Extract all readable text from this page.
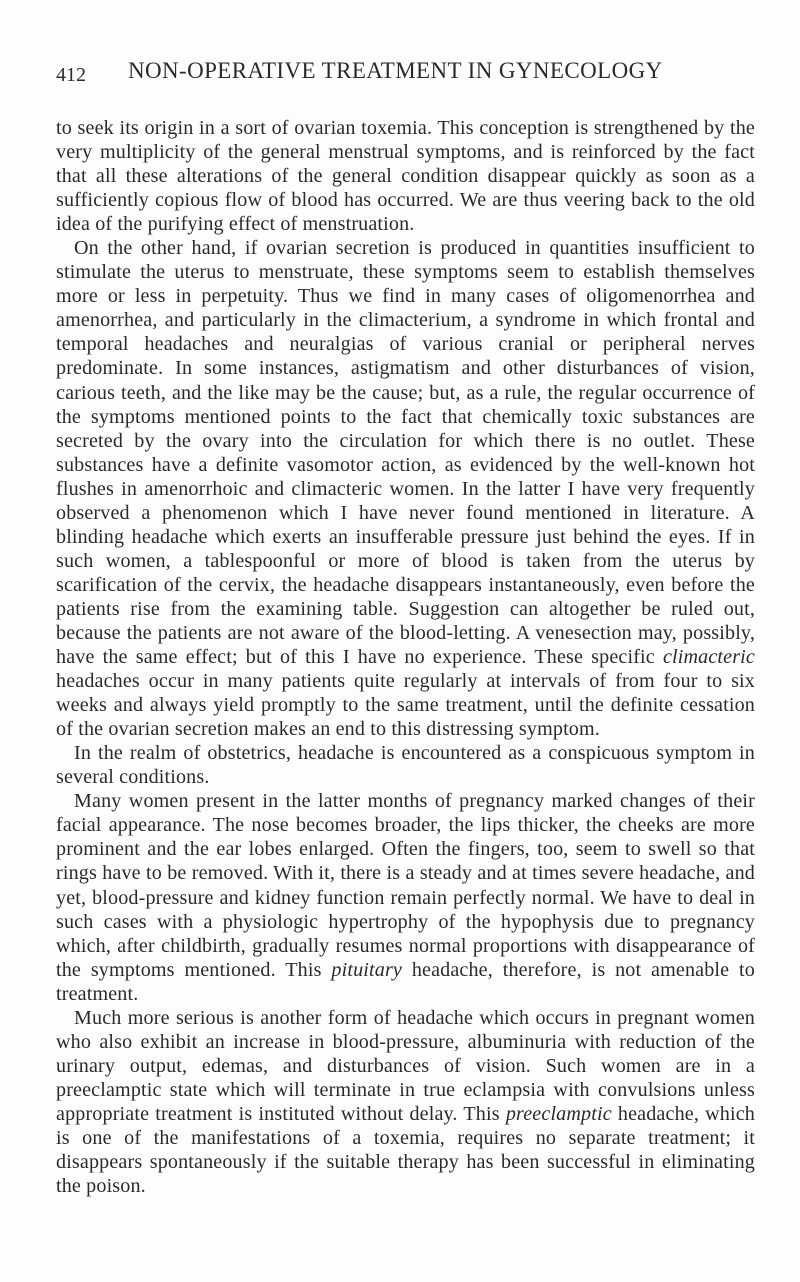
412 NON-OPERATIVE TREATMENT IN GYNECOLOGY

to seek its origin in a sort of ovarian toxemia. This conception is strengthened by the very multiplicity of the general menstrual symptoms, and is reinforced by the fact that all these alterations of the general condition disappear quickly as soon as a sufficiently copious flow of blood has occurred. We are thus veering back to the old idea of the purifying effect of menstruation.

On the other hand, if ovarian secretion is produced in quantities insufficient to stimulate the uterus to menstruate, these symptoms seem to establish themselves more or less in perpetuity. Thus we find in many cases of oligomenorrhea and amenorrhea, and particularly in the climacterium, a syndrome in which frontal and temporal headaches and neuralgias of various cranial or peripheral nerves predominate. In some instances, astigmatism and other disturbances of vision, carious teeth, and the like may be the cause; but, as a rule, the regular occurrence of the symptoms mentioned points to the fact that chemically toxic substances are secreted by the ovary into the circulation for which there is no outlet. These substances have a definite vasomotor action, as evidenced by the well-known hot flushes in amenorrhoic and climacteric women. In the latter I have very frequently observed a phenomenon which I have never found mentioned in literature. A blinding headache which exerts an insufferable pressure just behind the eyes. If in such women, a tablespoonful or more of blood is taken from the uterus by scarification of the cervix, the headache disappears instantaneously, even before the patients rise from the examining table. Suggestion can altogether be ruled out, because the patients are not aware of the blood-letting. A venesection may, possibly, have the same effect; but of this I have no experience. These specific climacteric headaches occur in many patients quite regularly at intervals of from four to six weeks and always yield promptly to the same treatment, until the definite cessation of the ovarian secretion makes an end to this distressing symptom.

In the realm of obstetrics, headache is encountered as a conspicuous symptom in several conditions.

Many women present in the latter months of pregnancy marked changes of their facial appearance. The nose becomes broader, the lips thicker, the cheeks are more prominent and the ear lobes enlarged. Often the fingers, too, seem to swell so that rings have to be removed. With it, there is a steady and at times severe headache, and yet, blood-pressure and kidney function remain perfectly normal. We have to deal in such cases with a physiologic hypertrophy of the hypophysis due to pregnancy which, after childbirth, gradually resumes normal proportions with disappearance of the symptoms mentioned. This pituitary headache, therefore, is not amenable to treatment.

Much more serious is another form of headache which occurs in pregnant women who also exhibit an increase in blood-pressure, albuminuria with reduction of the urinary output, edemas, and disturbances of vision. Such women are in a preeclamptic state which will terminate in true eclampsia with convulsions unless appropriate treatment is instituted without delay. This preeclamptic headache, which is one of the manifestations of a toxemia, requires no separate treatment; it disappears spontaneously if the suitable therapy has been successful in eliminating the poison.
